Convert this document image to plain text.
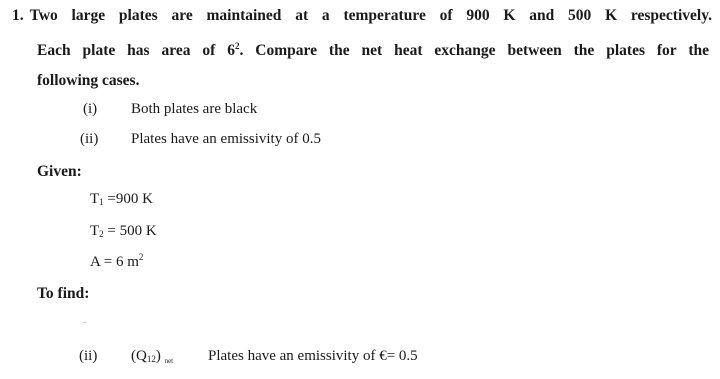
1. Two large plates are maintained at a temperature of 900 K and 500 K respectively.
Each plate has area of $6^2$. Compare the net heat exchange between the plates for the
following cases.
(i) Both plates are black
(ii) Plates have an emissivity of 0.5
Given:
$T_1 =900$ K
$T_2 = 500$ K
A = 6 $m^2$
To find:
..
(ii) $(Q_{12})$ $_{net}$ Plates have an emissivity of €= 0.5
